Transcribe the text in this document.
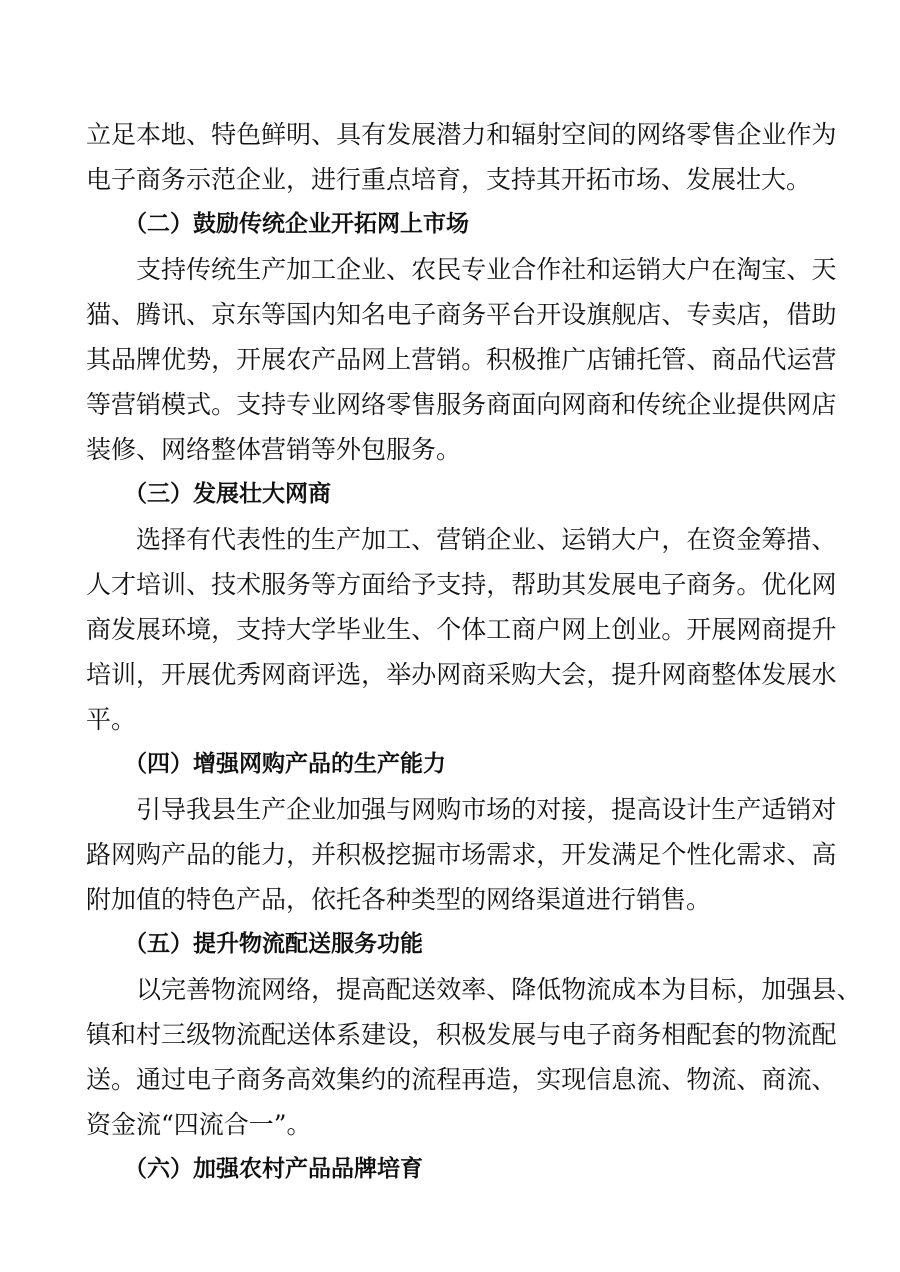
立 足 本 地 、 特 色 鲜 明 、 具 有 发 展 潜 力 和 辐 射 空 间 的 网 络 零 售 企 业 作 为
电子商务示范企业，进行重点培育，支持其开拓市场、发展壮大。
（二）鼓励传统企业开拓网上市场
支 持 传 统 生 产 加 工 企 业 、 农 民 专 业 合 作 社 和 运 销 大 户 在 淘 宝 、 天
猫 、 腾 讯 、 京 东 等 国 内 知 名 电 子 商 务 平 台 开 设 旗 舰 店 、 专 卖 店 ， 借 助
其 品 牌 优 势 ， 开 展 农 产 品 网 上 营 销 。 积 极 推 广 店 铺 托 管 、 商 品 代 运 营
等 营 销 模 式 。 支 持 专 业 网 络 零 售 服 务 商 面 向 网 商 和 传 统 企 业 提 供 网 店
装修、网络整体营销等外包服务。
（三）发展壮大网商
选 择 有 代 表 性 的 生 产 加 工 、 营 销 企 业 、 运 销 大 户 ， 在 资 金 筹 措 、
人 才 培 训 、 技 术 服 务 等 方 面 给 予 支 持 ， 帮 助 其 发 展 电 子 商 务 。 优 化 网
商 发 展 环 境 ， 支 持 大 学 毕 业 生 、 个 体 工 商 户 网 上 创 业 。 开 展 网 商 提 升
培 训 ， 开 展 优 秀 网 商 评 选 ， 举 办 网 商 采 购 大 会 ， 提 升 网 商 整 体 发 展 水
平。
（四）增强网购产品的生产能力
引 导 我 县 生 产 企 业 加 强 与 网 购 市 场 的 对 接 ， 提 高 设 计 生 产 适 销 对
路 网 购 产 品 的 能 力 ， 并 积 极 挖 掘 市 场 需 求 ， 开 发 满 足 个 性 化 需 求 、 高
附加值的特色产品，依托各种类型的网络渠道进行销售。
（五）提升物流配送服务功能
以 完 善 物 流 网 络 ， 提 高 配 送 效 率 、 降 低 物 流 成 本 为 目 标 ， 加 强 县 、
镇 和 村 三 级 物 流 配 送 体 系 建 设 ， 积 极 发 展 与 电 子 商 务 相 配 套 的 物 流 配
送 。 通 过 电 子 商 务 高 效 集 约 的 流 程 再 造 ， 实 现 信 息 流 、 物 流 、 商 流 、
资金流“四流合一”。
（六）加强农村产品品牌培育
